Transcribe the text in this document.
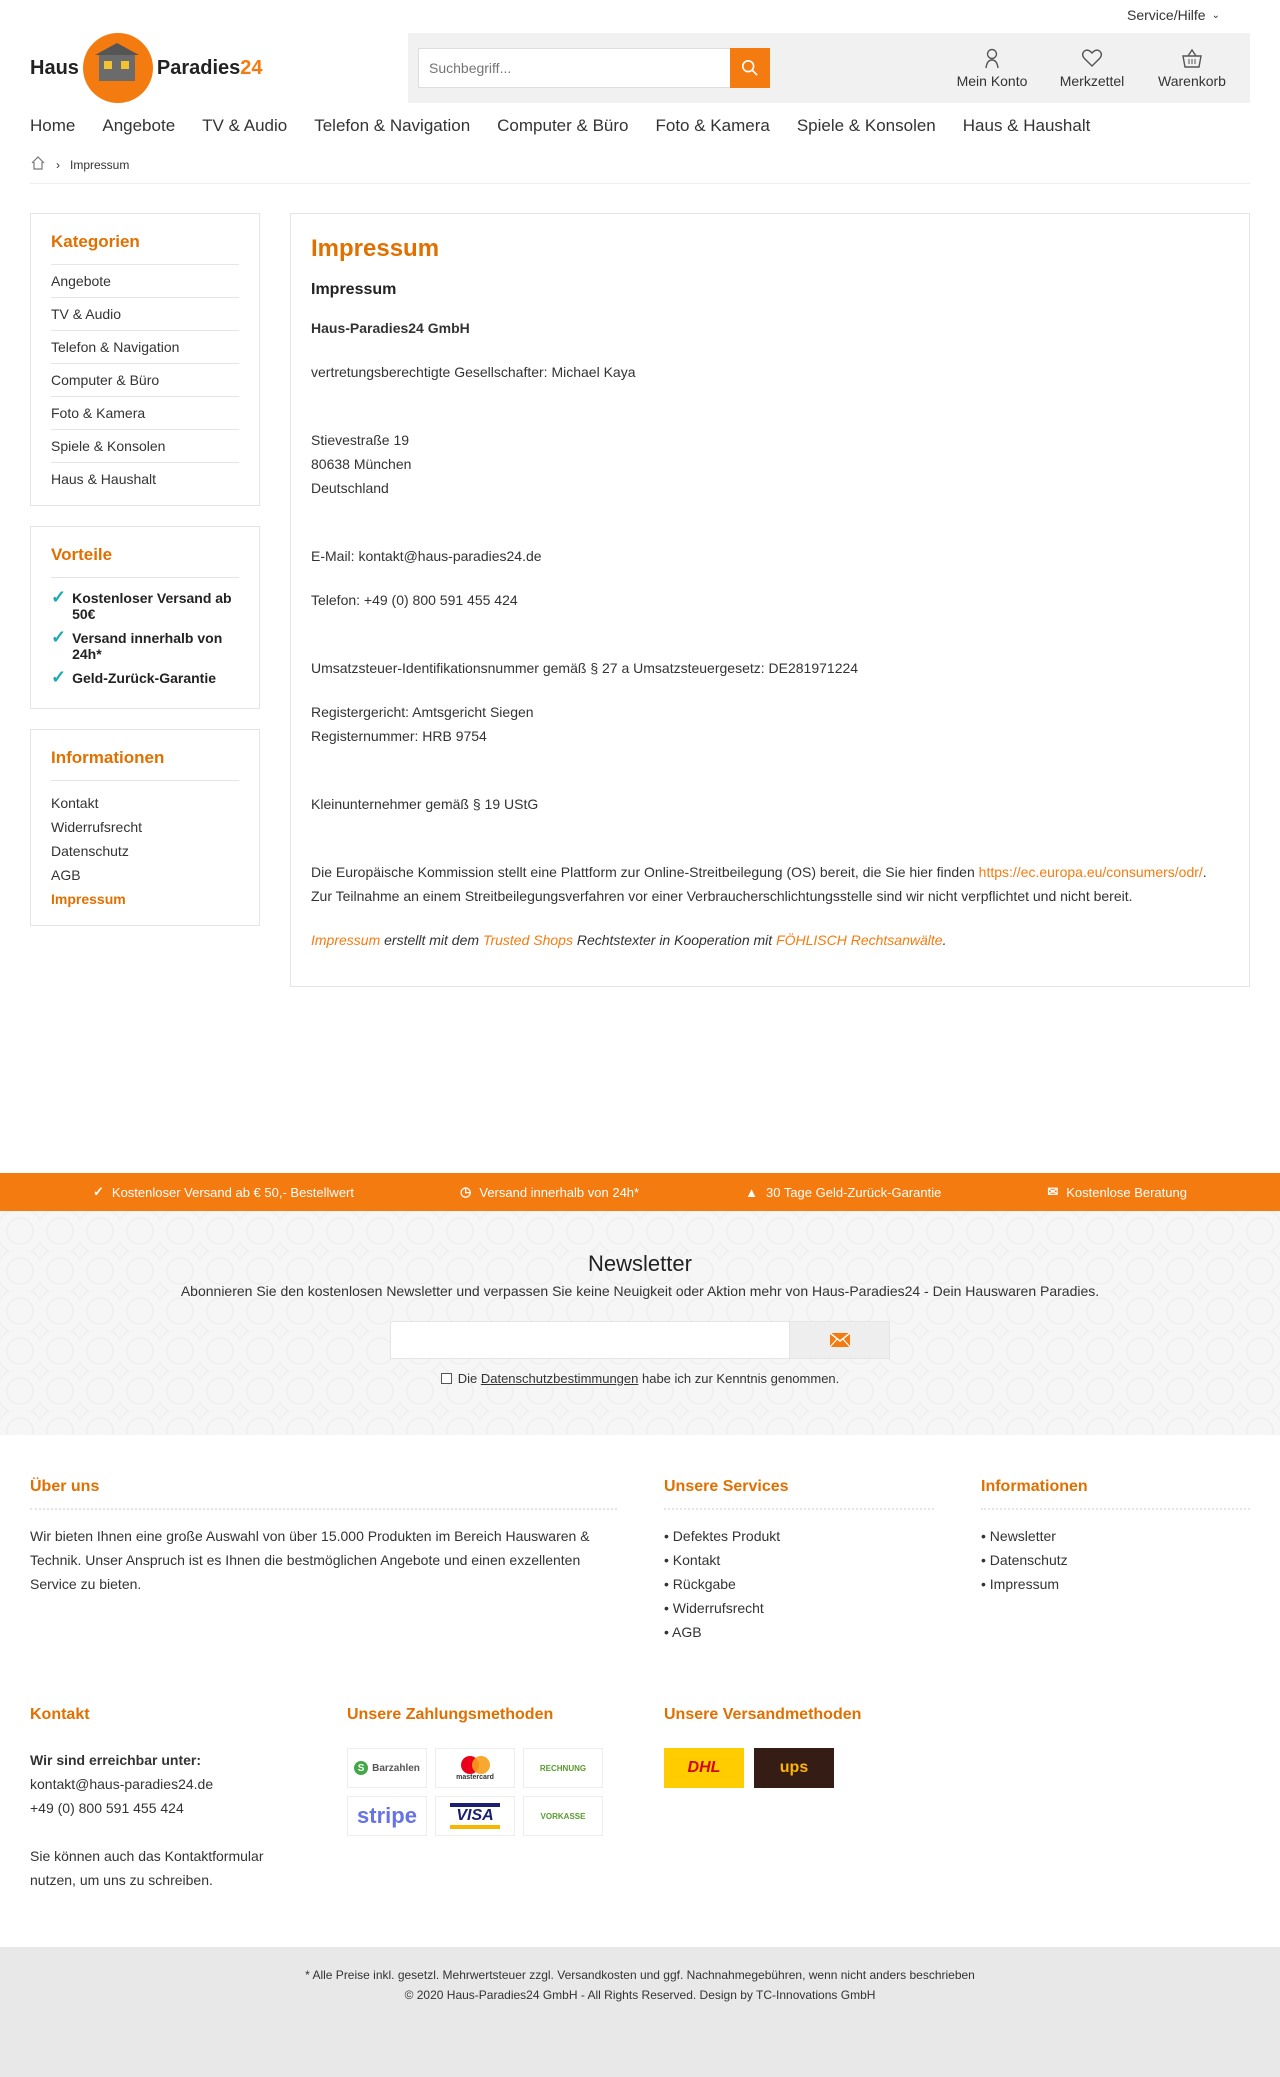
Service/Hilfe ⌄
Haus	Paradies24
Suchbegriff...
Mein Konto Merkzettel Warenkorb
Home Angebote TV & Audio Telefon & Navigation Computer & Büro Foto & Kamera Spiele & Konsolen Haus & Haushalt
› Impressum
Kategorien
Angebote
TV & Audio
Telefon & Navigation
Computer & Büro
Foto & Kamera
Spiele & Konsolen
Haus & Haushalt
Vorteile
✓ Kostenloser Versand ab 50€
✓ Versand innerhalb von 24h*
✓ Geld-Zurück-Garantie
Informationen
Kontakt
Widerrufsrecht
Datenschutz
AGB
Impressum
Impressum
Impressum

Haus-Paradies24 GmbH

vertretungsberechtigte Gesellschafter: Michael Kaya

Stievestraße 19
80638 München
Deutschland

E-Mail: kontakt@haus-paradies24.de

Telefon: +49 (0) 800 591 455 424

Umsatzsteuer-Identifikationsnummer gemäß § 27 a Umsatzsteuergesetz: DE281971224

Registergericht: Amtsgericht Siegen
Registernummer: HRB 9754

Kleinunternehmer gemäß § 19 UStG

Die Europäische Kommission stellt eine Plattform zur Online-Streitbeilegung (OS) bereit, die Sie hier finden https://ec.europa.eu/consumers/odr/. Zur Teilnahme an einem Streitbeilegungsverfahren vor einer Verbraucherschlichtungsstelle sind wir nicht verpflichtet und nicht bereit.

Impressum erstellt mit dem Trusted Shops Rechtstexter in Kooperation mit FÖHLISCH Rechtsanwälte.

✓ Kostenloser Versand ab € 50,- Bestellwert	◷ Versand innerhalb von 24h*	▲ 30 Tage Geld-Zurück-Garantie	✉ Kostenlose Beratung
Newsletter

Abonnieren Sie den kostenlosen Newsletter und verpassen Sie keine Neuigkeit oder Aktion mehr von Haus-Paradies24 - Dein Hauswaren Paradies.

Die Datenschutzbestimmungen habe ich zur Kenntnis genommen.
Über uns

Wir bieten Ihnen eine große Auswahl von über 15.000 Produkten im Bereich Hauswaren & Technik. Unser Anspruch ist es Ihnen die bestmöglichen Angebote und einen exzellenten Service zu bieten.

Unsere Services
• Defektes Produkt
• Kontakt
• Rückgabe
• Widerrufsrecht
• AGB
Informationen
• Newsletter
• Datenschutz
• Impressum
Kontakt

Wir sind erreichbar unter:

kontakt@haus-paradies24.de

+49 (0) 800 591 455 424

Sie können auch das Kontaktformular nutzen, um uns zu schreiben.

Unsere Zahlungsmethoden
S Barzahlen
mastercard
RECHNUNG
stripe	VISA	VORKASSE
Unsere Versandmethoden
DHL	ups
* Alle Preise inkl. gesetzl. Mehrwertsteuer zzgl. Versandkosten und ggf. Nachnahmegebühren, wenn nicht anders beschrieben
© 2020 Haus-Paradies24 GmbH - All Rights Reserved. Design by TC-Innovations GmbH
